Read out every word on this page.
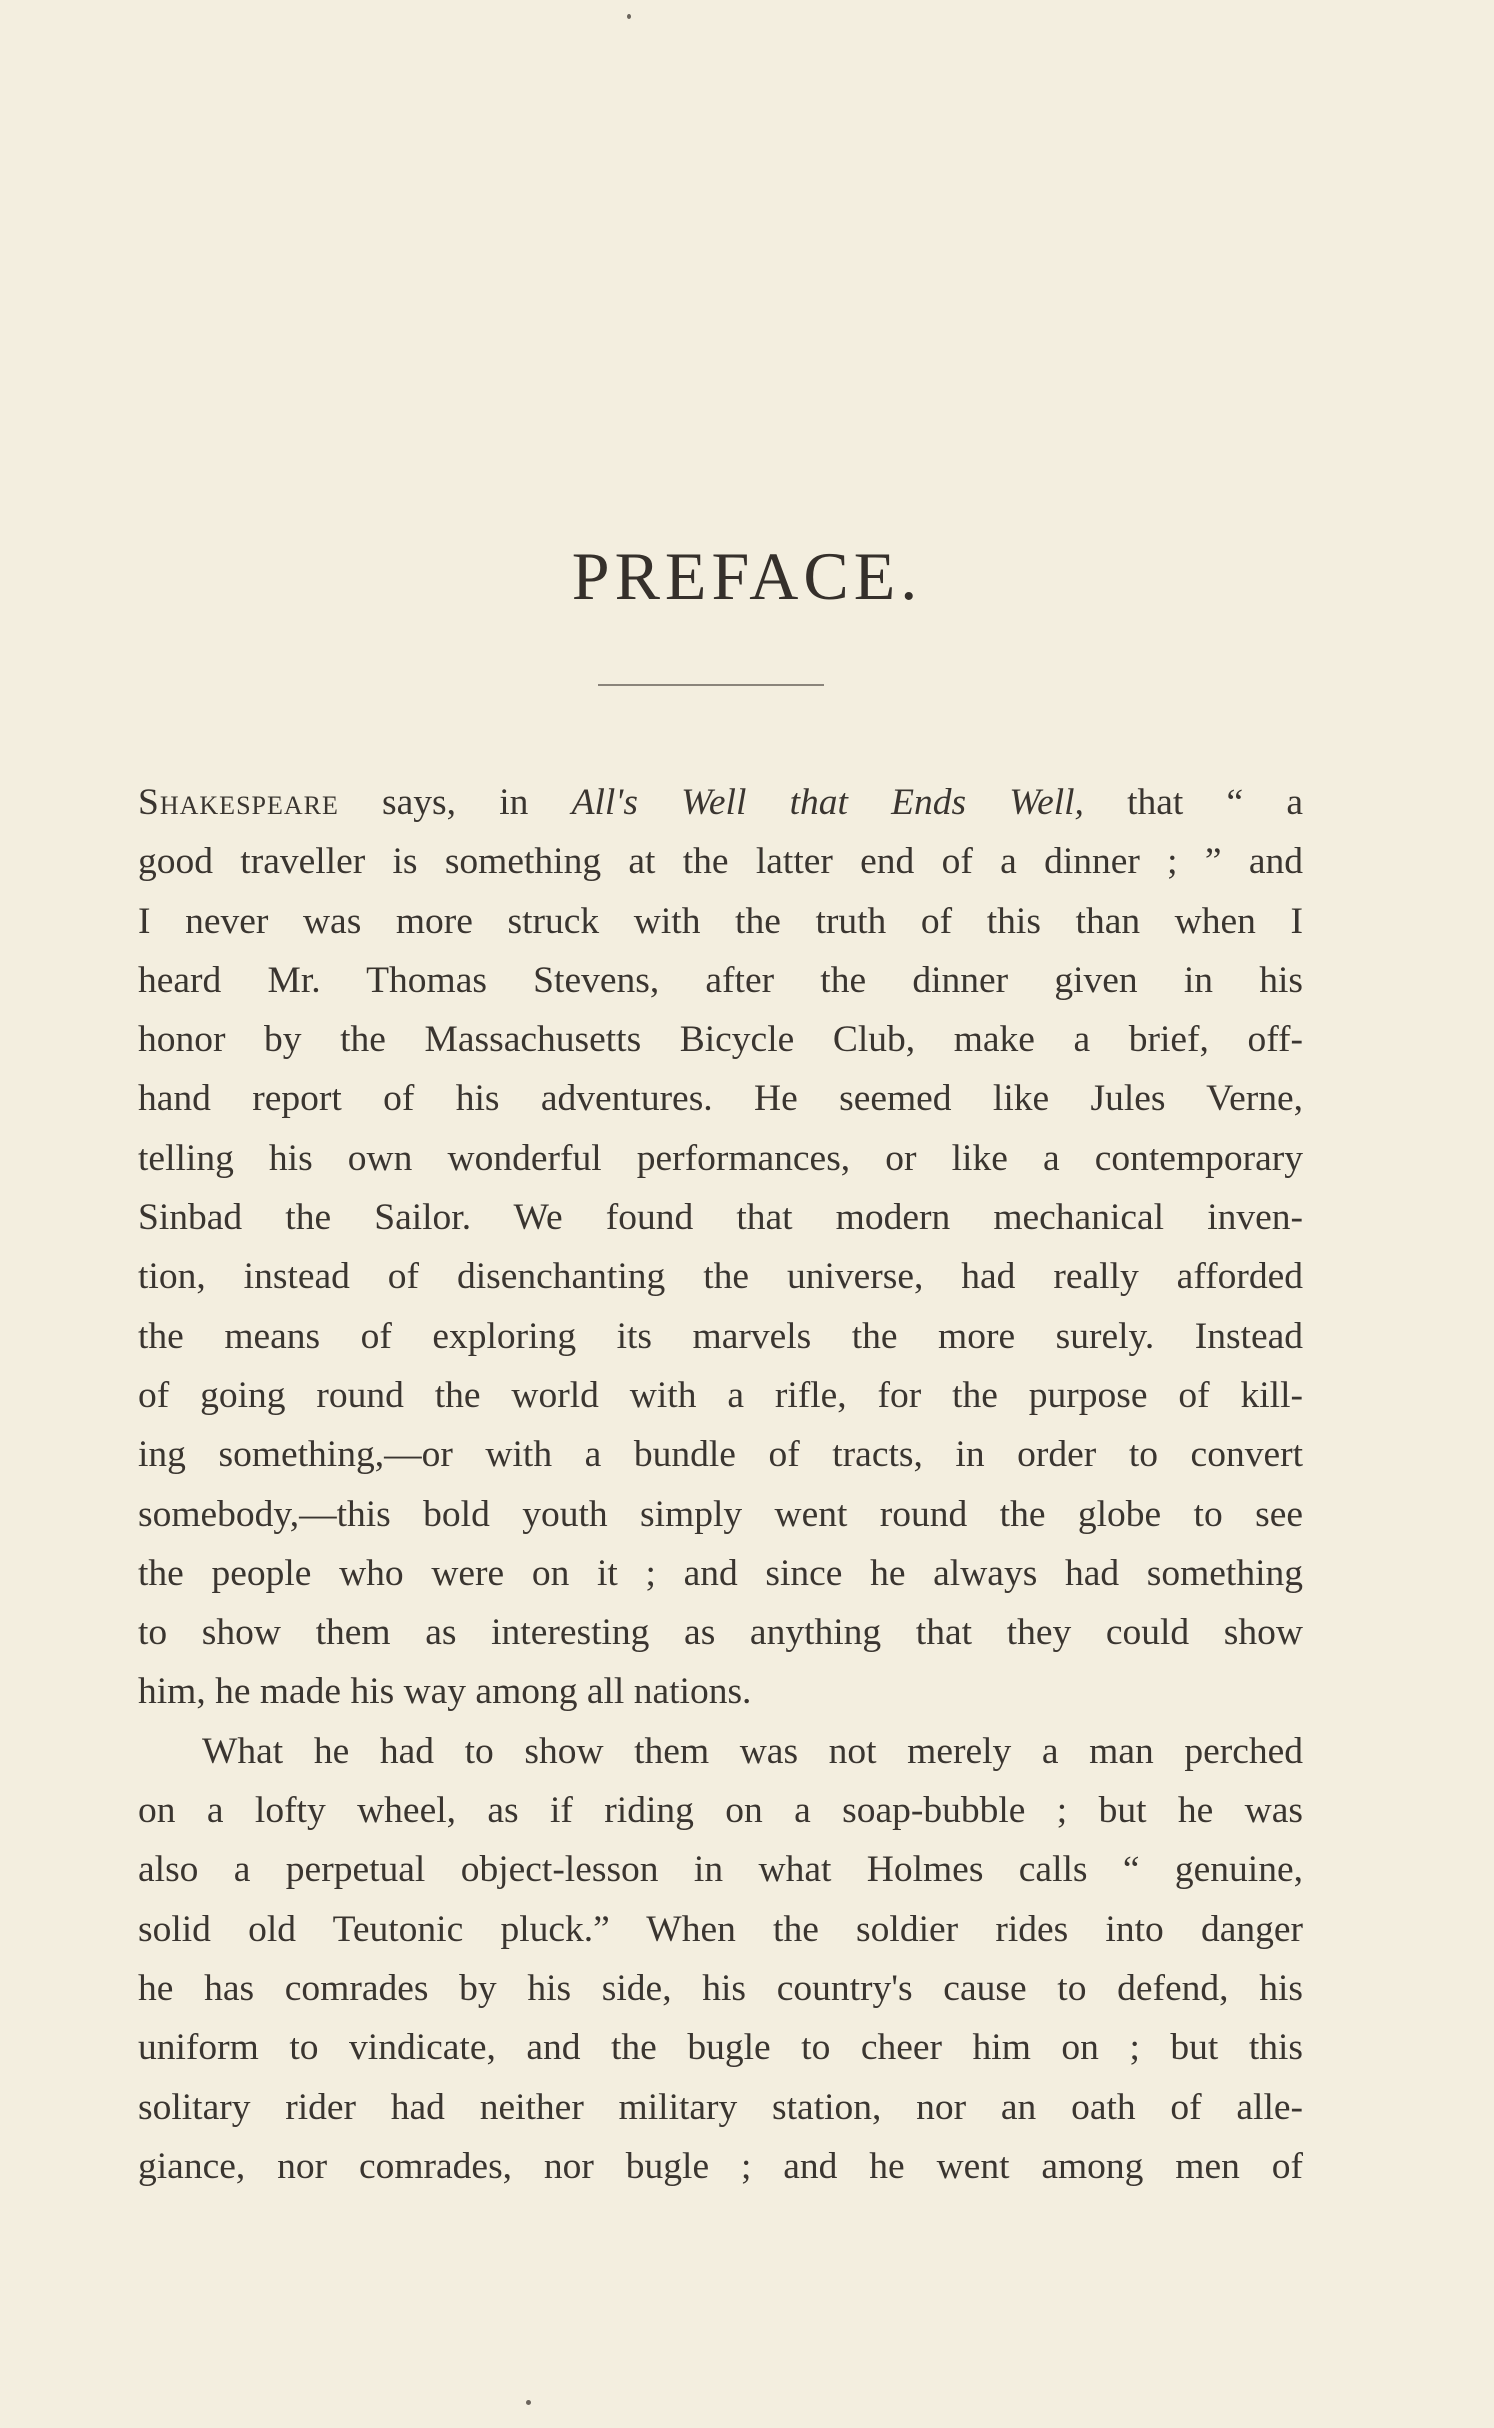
PREFACE.
Shakespeare says, in All's Well that Ends Well, that “ a
good traveller is something at the latter end of a dinner ; ” and
I never was more struck with the truth of this than when I
heard Mr. Thomas Stevens, after the dinner given in his
honor by the Massachusetts Bicycle Club, make a brief, off-
hand report of his adventures. He seemed like Jules Verne,
telling his own wonderful performances, or like a contemporary
Sinbad the Sailor. We found that modern mechanical inven-
tion, instead of disenchanting the universe, had really afforded
the means of exploring its marvels the more surely. Instead
of going round the world with a rifle, for the purpose of kill-
ing something,—or with a bundle of tracts, in order to convert
somebody,—this bold youth simply went round the globe to see
the people who were on it ; and since he always had something
to show them as interesting as anything that they could show
him, he made his way among all nations.
What he had to show them was not merely a man perched
on a lofty wheel, as if riding on a soap-bubble ; but he was
also a perpetual object-lesson in what Holmes calls “ genuine,
solid old Teutonic pluck.” When the soldier rides into danger
he has comrades by his side, his country's cause to defend, his
uniform to vindicate, and the bugle to cheer him on ; but this
solitary rider had neither military station, nor an oath of alle-
giance, nor comrades, nor bugle ; and he went among men of
